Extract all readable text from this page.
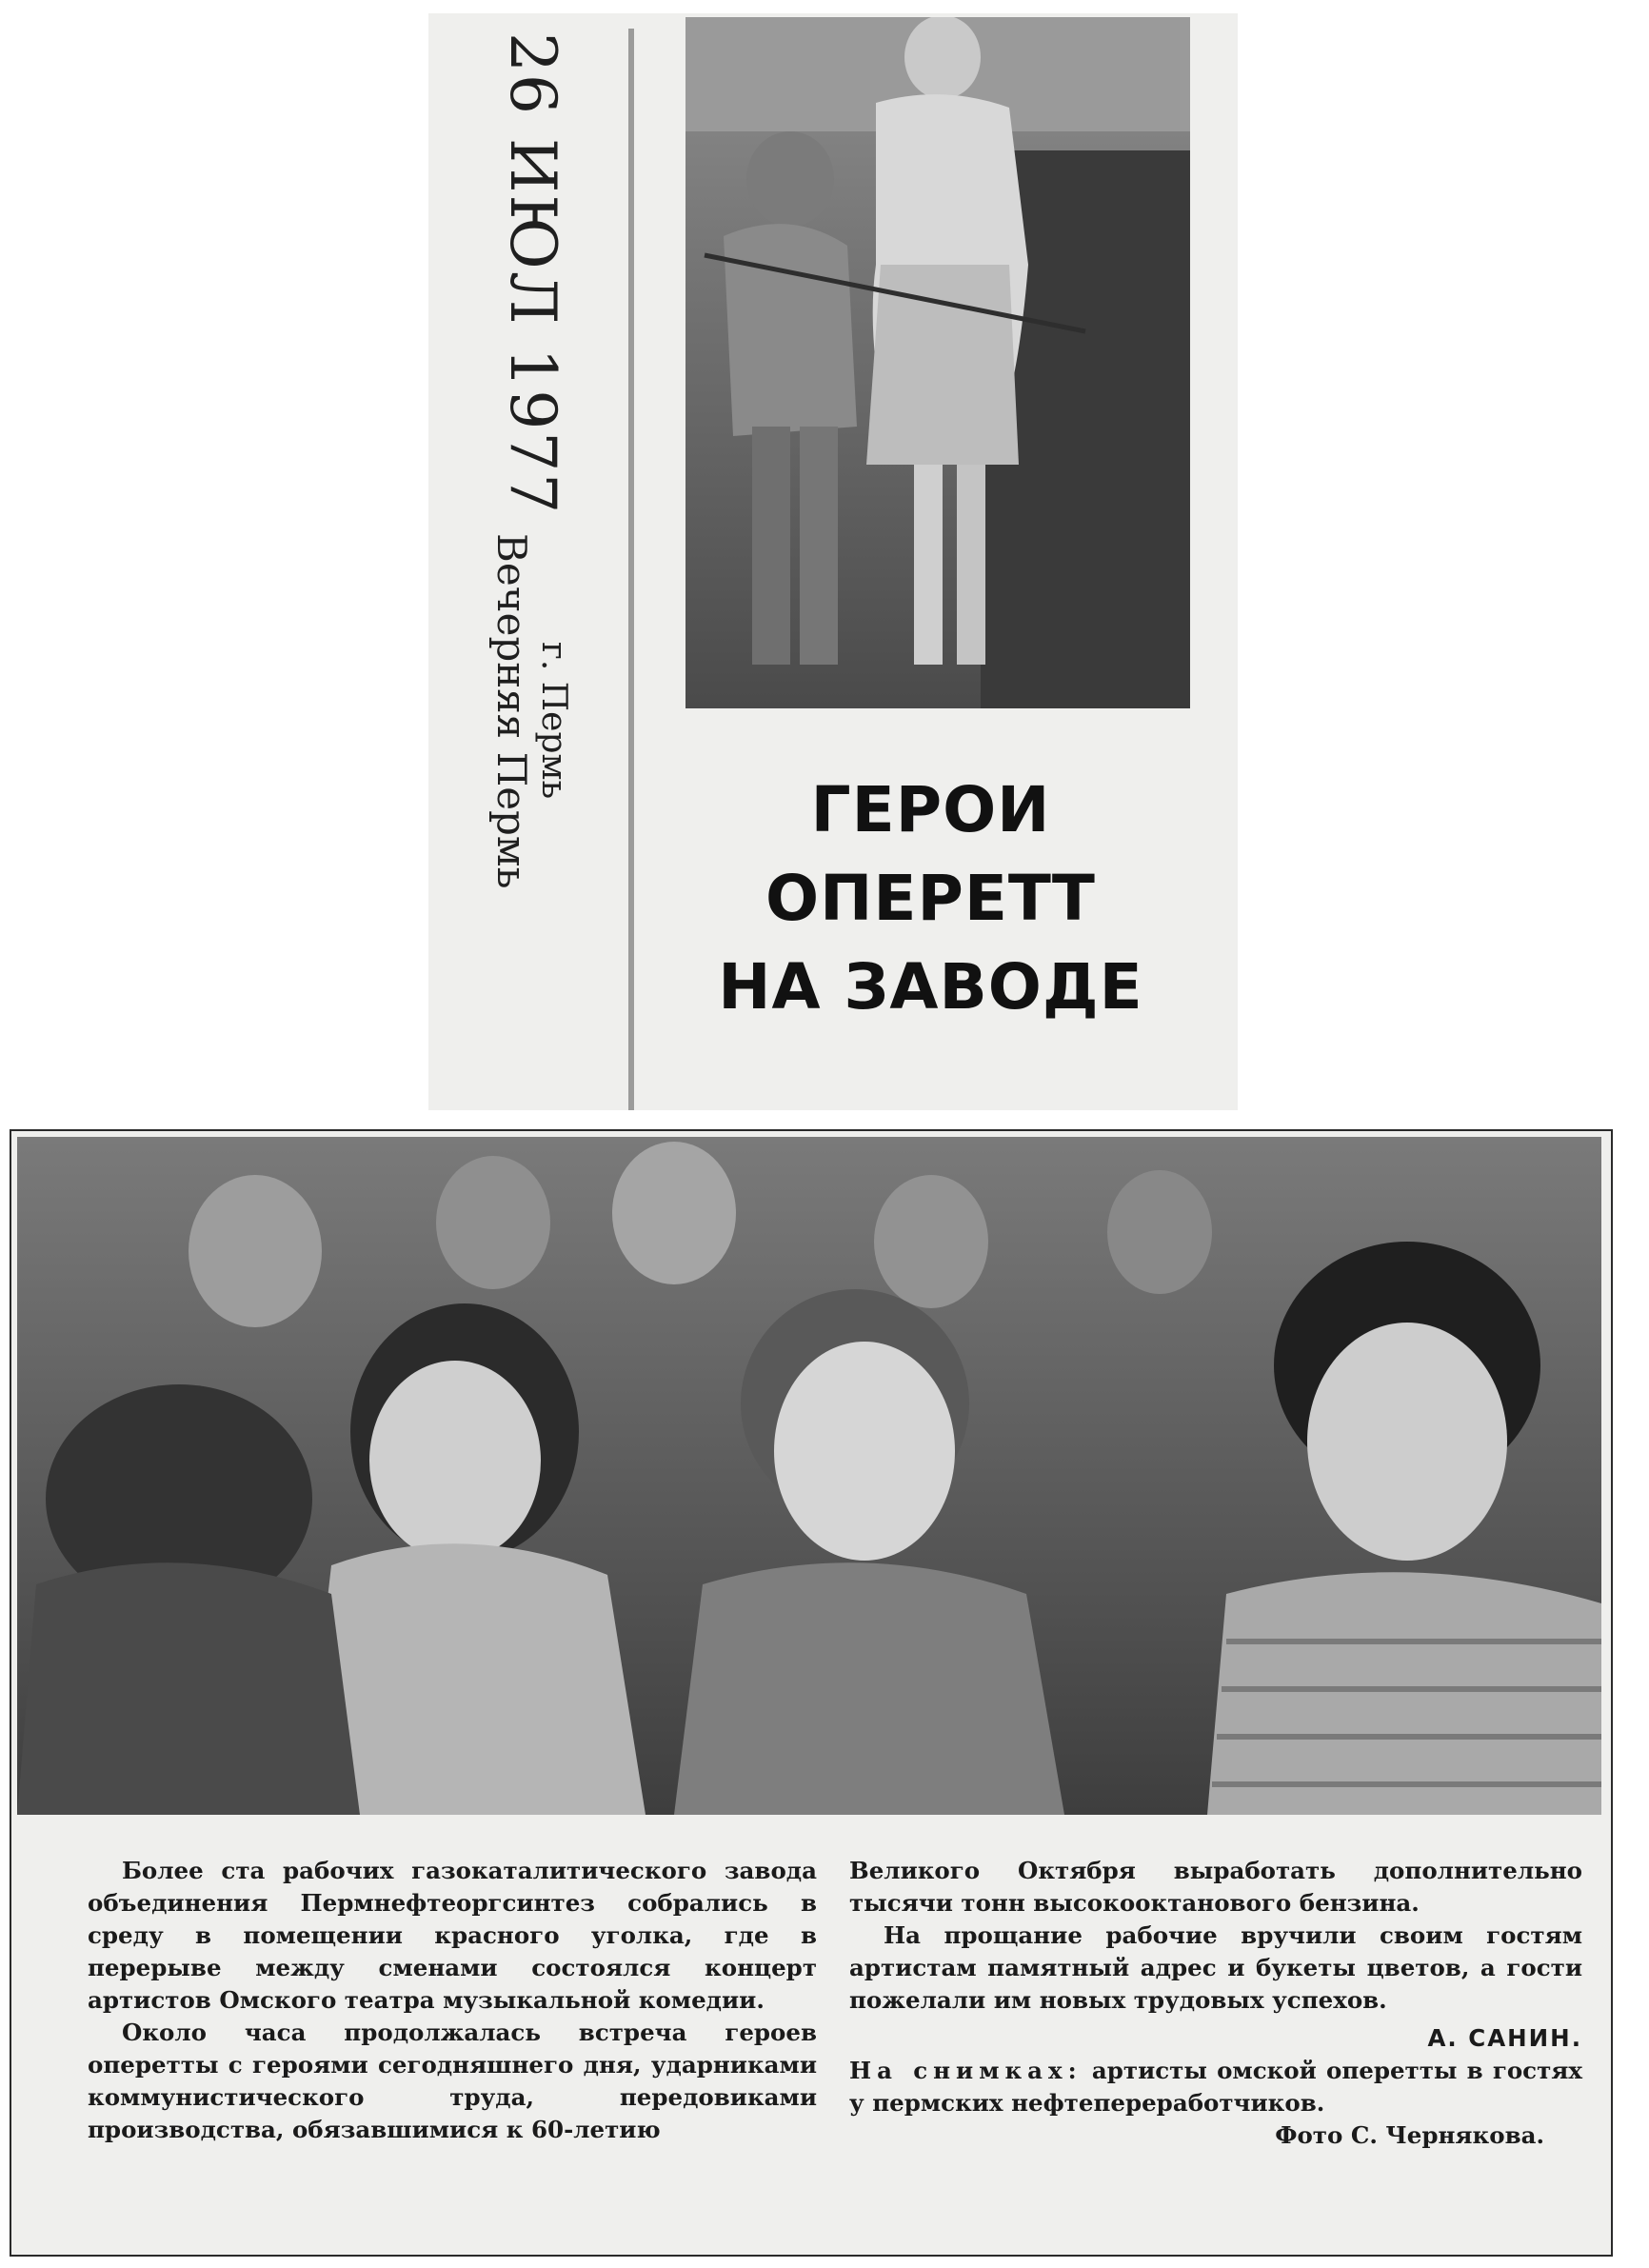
26 ИЮЛ 1977
Вечерняя Пермь г. Пермь
ГЕРОИ
ОПЕРЕТТ
НА ЗАВОДЕ

Более ста рабочих газокаталитического завода объединения Пермнефтеоргсинтез собрались в среду в помещении красного уголка, где в перерыве между сменами состоялся концерт артистов Омского театра музыкальной комедии.

Около часа продолжалась встреча героев оперетты с героями сегодняшнего дня, ударниками коммунистического труда, передовиками производства, обязавшимися к 60-летию

Великого Октября выработать дополнительно тысячи тонн высокооктанового бензина.

На прощание рабочие вручили своим гостям артистам памятный адрес и букеты цветов, а гости пожелали им новых трудовых успехов.

А. САНИН.

На снимках: артисты омской оперетты в гостях у пермских нефтепереработчиков.

Фото С. Чернякова.
